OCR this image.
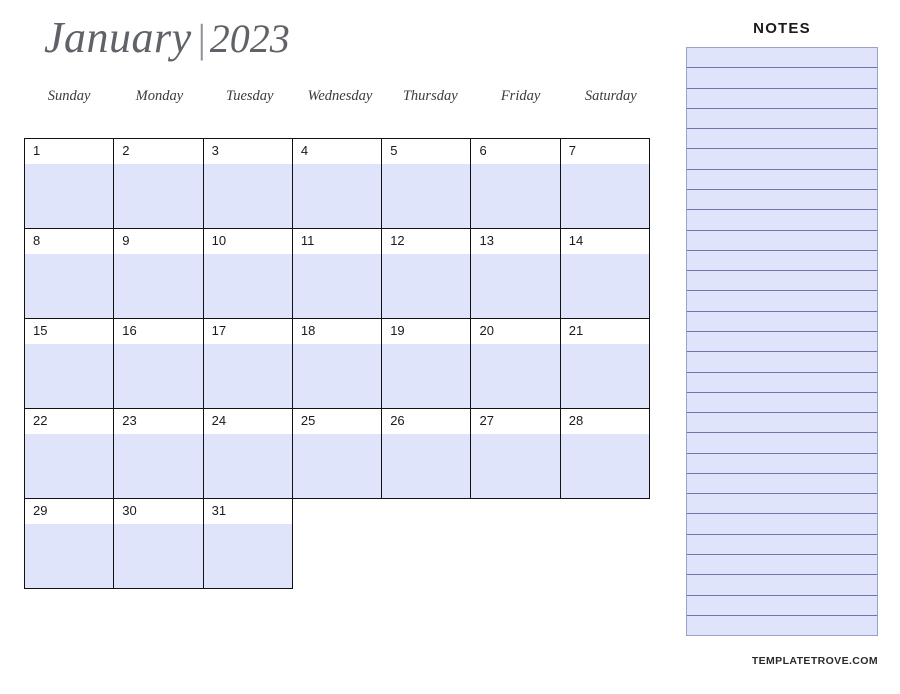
January | 2023
Sunday	Monday	Tuesday	Wednesday	Thursday	Friday	Saturday
1	2	3	4	5	6	7
8	9	10	11	12	13	14
15	16	17	18	19	20	21
22	23	24	25	26	27	28
29	30	31
NOTES
TEMPLATETROVE.COM
